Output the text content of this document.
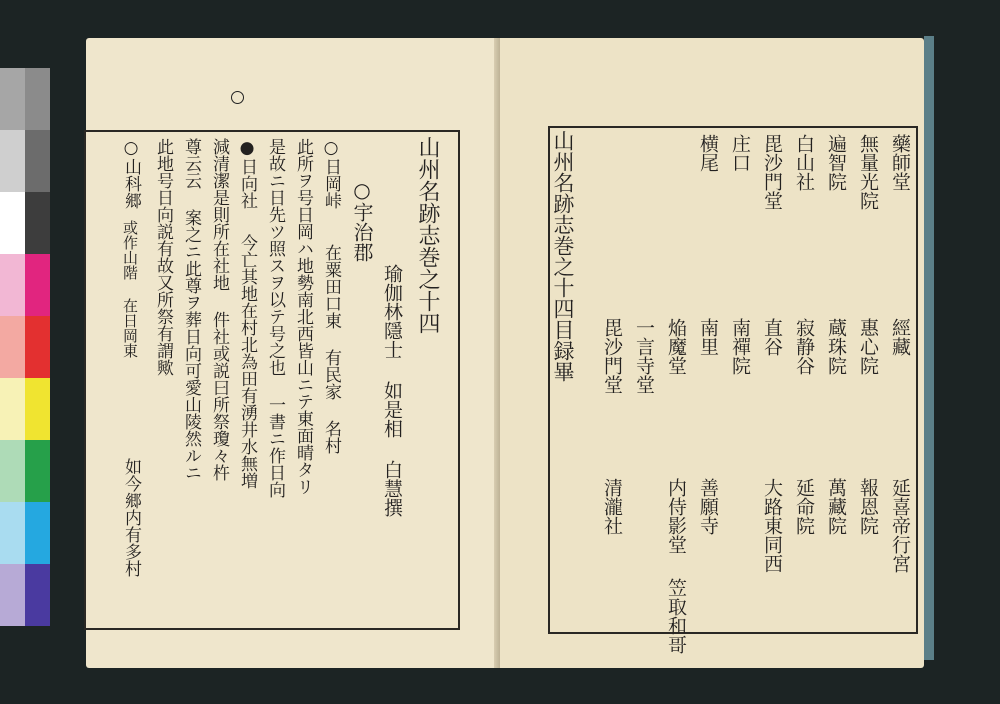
山州名跡志巻之十四
瑜伽林隱士 如是相 白慧撰
○宇治郡
○日岡峠
在粟田口東 有民家 名村
此所ヲ号日岡ハ地勢南北西皆山ニテ東面晴タリ
是故ニ日先ツ照スヲ以テ号之也 一書ニ作日向
●日向社
今亡其地在村北為田有湧井水無増
減清潔是則所在社地 件社或説曰所祭瓊々杵
尊云云 案之ニ此尊ヲ葬日向可愛山陵然ルニ
此地号日向説有故又所祭有謂歟
○山科郷
或作山階 在日岡東
如今郷内有多村
山州名跡志巻之十四目録畢	藥師堂
經藏
延喜帝行宮
無量光院
惠心院
報恩院
遍智院
蔵珠院
萬藏院
白山社
寂静谷
延命院
毘沙門堂
直谷
大路東同西
庄口
南禪院
横尾
南里
善願寺
焔魔堂
内侍影堂
笠取和哥
一言寺堂
毘沙門堂
清瀧社
